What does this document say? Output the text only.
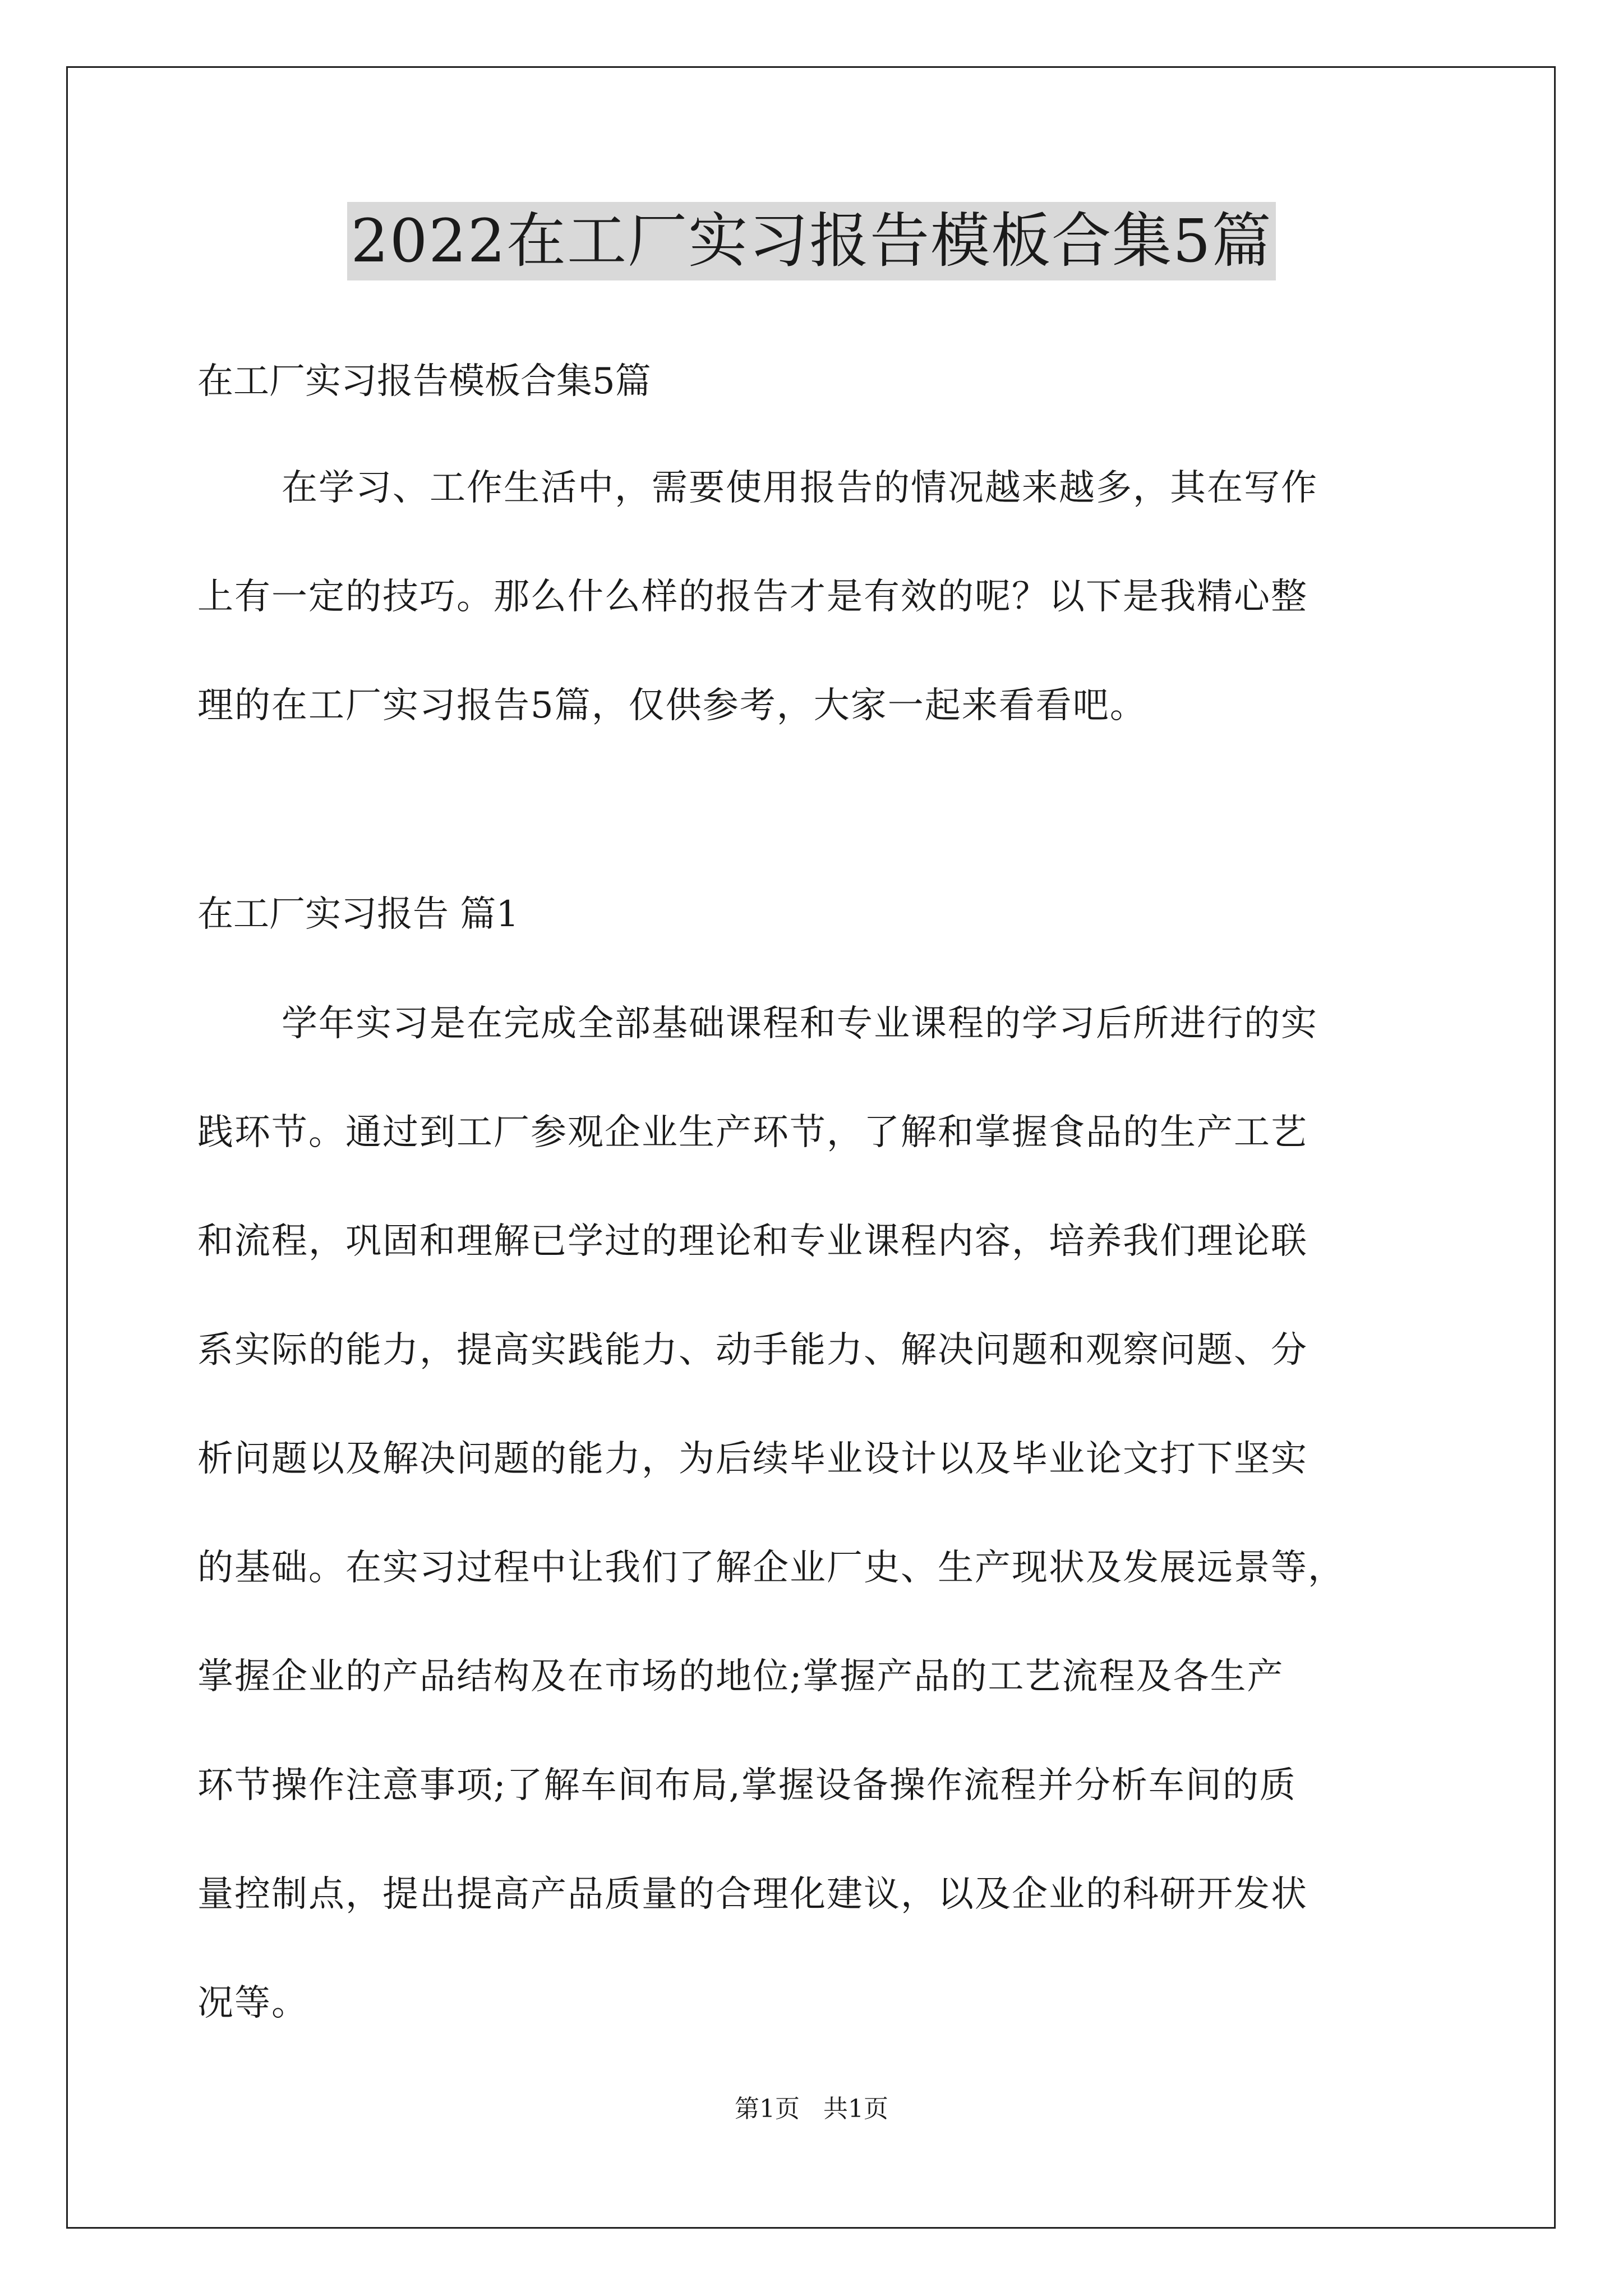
2022在工厂实习报告模板合集5篇
在工厂实习报告模板合集5篇
在学习、工作生活中，需要使用报告的情况越来越多，其在写作
上有一定的技巧。那么什么样的报告才是有效的呢？以下是我精心整
理的在工厂实习报告5篇，仅供参考，大家一起来看看吧。
在工厂实习报告 篇1
学年实习是在完成全部基础课程和专业课程的学习后所进行的实
践环节。通过到工厂参观企业生产环节，了解和掌握食品的生产工艺
和流程，巩固和理解已学过的理论和专业课程内容，培养我们理论联
系实际的能力，提高实践能力、动手能力、解决问题和观察问题、分
析问题以及解决问题的能力，为后续毕业设计以及毕业论文打下坚实
的基础。在实习过程中让我们了解企业厂史、生产现状及发展远景等，
掌握企业的产品结构及在市场的地位;掌握产品的工艺流程及各生产
环节操作注意事项;了解车间布局,掌握设备操作流程并分析车间的质
量控制点，提出提高产品质量的合理化建议，以及企业的科研开发状
况等。
第1页   共1页
